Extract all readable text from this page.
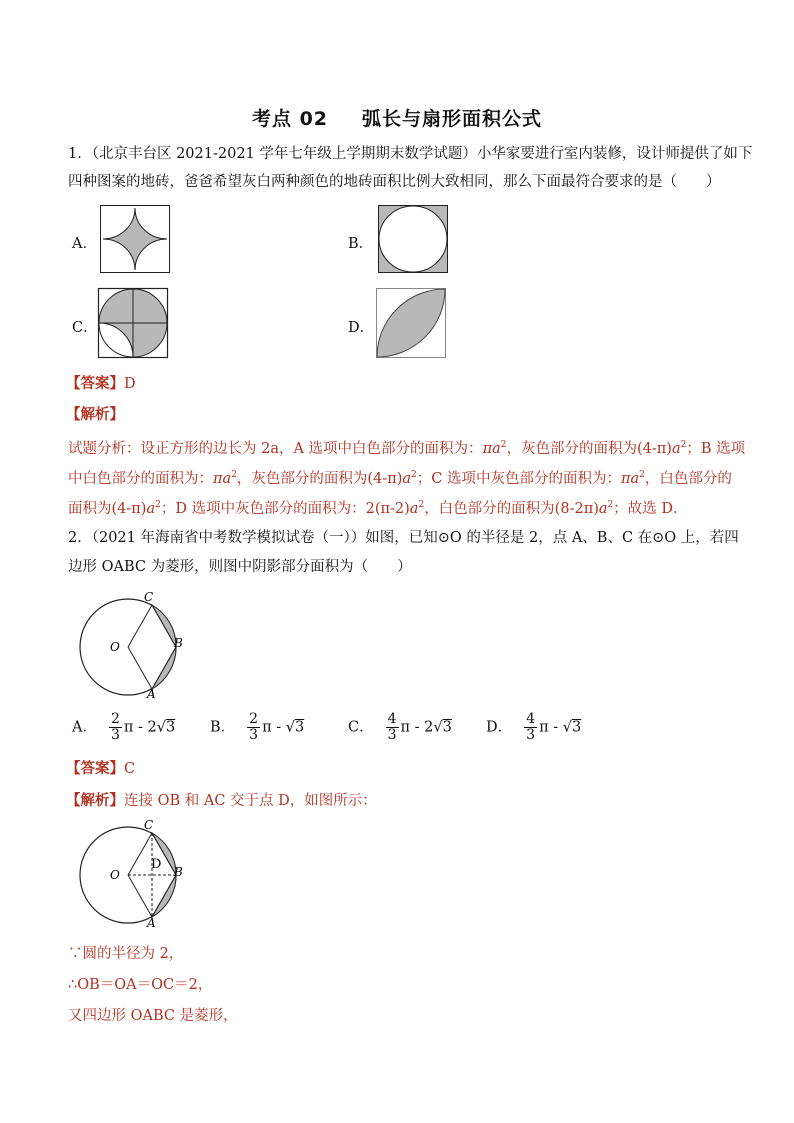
考点 02 弧长与扇形面积公式
1．（北京丰台区 2021-2021 学年七年级上学期期末数学试题）小华家要进行室内装修，设计师提供了如下
四种图案的地砖，爸爸希望灰白两种颜色的地砖面积比例大致相同，那么下面最符合要求的是（　　）
A．	B．
C．	D．
【答案】D
【解析】
试题分析：设正方形的边长为 2a，A 选项中白色部分的面积为：$\pi a^2$，灰色部分的面积为$(4-\pi)a^2$；B 选项
中白色部分的面积为：$\pi a^2$，灰色部分的面积为$(4-\pi)a^2$；C 选项中灰色部分的面积为：$\pi a^2$，白色部分的
面积为$(4-\pi)a^2$；D 选项中灰色部分的面积为：$2(\pi-2)a^2$，白色部分的面积为$(8-2\pi)a^2$；故选 D．
2．（2021 年海南省中考数学模拟试卷（一））如图，已知⊙O 的半径是 2，点 A、B、C 在⊙O 上，若四
边形 OABC 为菱形，则图中阴影部分面积为（　　）
C
O	B
A
A． $\frac{2}{3}$ π - 2√3 B． $\frac{2}{3}$ π - √3	C． $\frac{4}{3}$ π - 2√3 D． $\frac{4}{3}$ π - √3
【答案】C
【解析】连接 OB 和 AC 交于点 D，如图所示：
C
O	B
A
D
∵圆的半径为 2，
∴OB＝OA＝OC＝2，
又四边形 OABC 是菱形，
